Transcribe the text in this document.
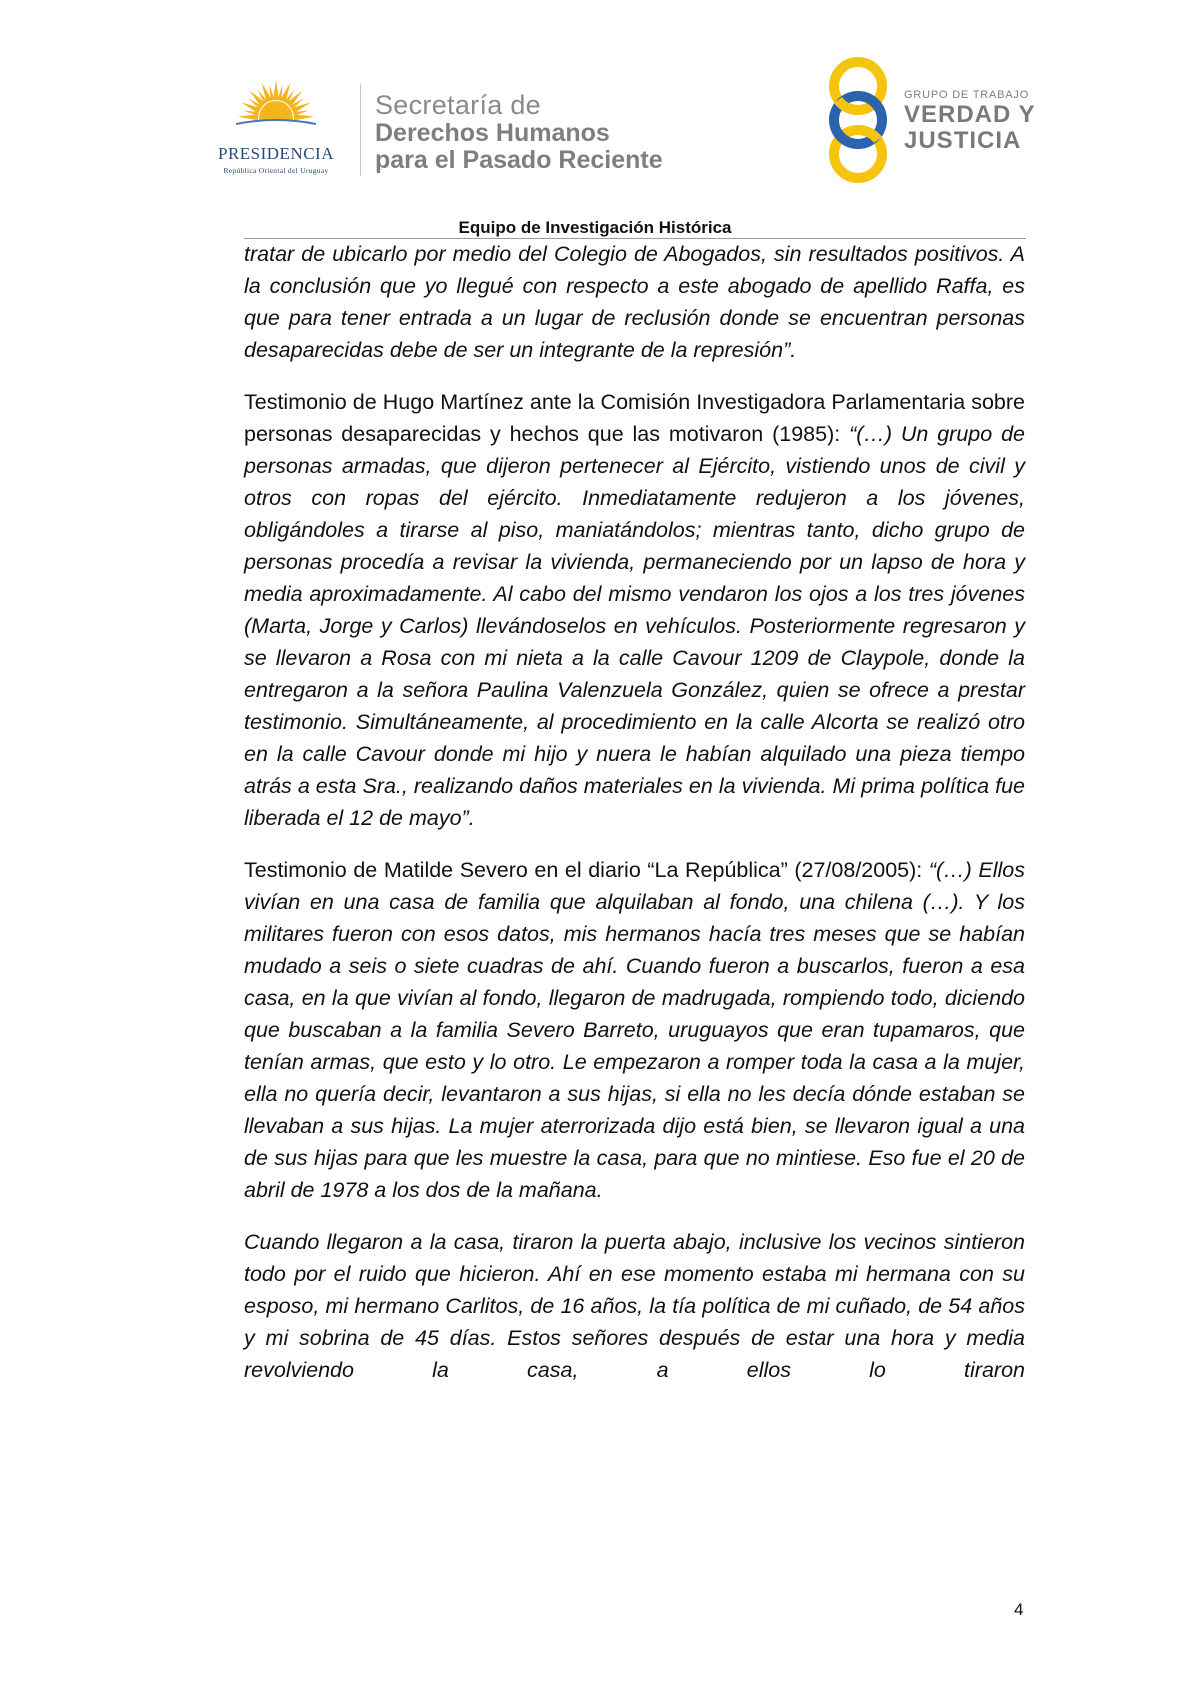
PRESIDENCIA
República Oriental del Uruguay
Secretaría de
Derechos Humanos
para el Pasado Reciente
GRUPO DE TRABAJO
VERDAD Y
JUSTICIA
Equipo de Investigación Histórica

tratar de ubicarlo por medio del Colegio de Abogados, sin resultados positivos. A la conclusión que yo llegué con respecto a este abogado de apellido Raffa, es que para tener entrada a un lugar de reclusión donde se encuentran personas desaparecidas debe de ser un integrante de la represión”.

Testimonio de Hugo Martínez ante la Comisión Investigadora Parlamentaria sobre personas desaparecidas y hechos que las motivaron (1985): “(…) Un grupo de personas armadas, que dijeron pertenecer al Ejército, vistiendo unos de civil y otros con ropas del ejército. Inmediatamente redujeron a los jóvenes, obligándoles a tirarse al piso, maniatándolos; mientras tanto, dicho grupo de personas procedía a revisar la vivienda, permaneciendo por un lapso de hora y media aproximadamente. Al cabo del mismo vendaron los ojos a los tres jóvenes (Marta, Jorge y Carlos) llevándoselos en vehículos. Posteriormente regresaron y se llevaron a Rosa con mi nieta a la calle Cavour 1209 de Claypole, donde la entregaron a la señora Paulina Valenzuela González, quien se ofrece a prestar testimonio. Simultáneamente, al procedimiento en la calle Alcorta se realizó otro en la calle Cavour donde mi hijo y nuera le habían alquilado una pieza tiempo atrás a esta Sra., realizando daños materiales en la vivienda. Mi prima política fue liberada el 12 de mayo”.

Testimonio de Matilde Severo en el diario “La República” (27/08/2005): “(…) Ellos vivían en una casa de familia que alquilaban al fondo, una chilena (…). Y los militares fueron con esos datos, mis hermanos hacía tres meses que se habían mudado a seis o siete cuadras de ahí. Cuando fueron a buscarlos, fueron a esa casa, en la que vivían al fondo, llegaron de madrugada, rompiendo todo, diciendo que buscaban a la familia Severo Barreto, uruguayos que eran tupamaros, que tenían armas, que esto y lo otro. Le empezaron a romper toda la casa a la mujer, ella no quería decir, levantaron a sus hijas, si ella no les decía dónde estaban se llevaban a sus hijas. La mujer aterrorizada dijo está bien, se llevaron igual a una de sus hijas para que les muestre la casa, para que no mintiese. Eso fue el 20 de abril de 1978 a los dos de la mañana.

Cuando llegaron a la casa, tiraron la puerta abajo, inclusive los vecinos sintieron todo por el ruido que hicieron. Ahí en ese momento estaba mi hermana con su esposo, mi hermano Carlitos, de 16 años, la tía política de mi cuñado, de 54 años y mi sobrina de 45 días. Estos señores después de estar una hora y media revolviendo la casa, a ellos lo tiraron

4
